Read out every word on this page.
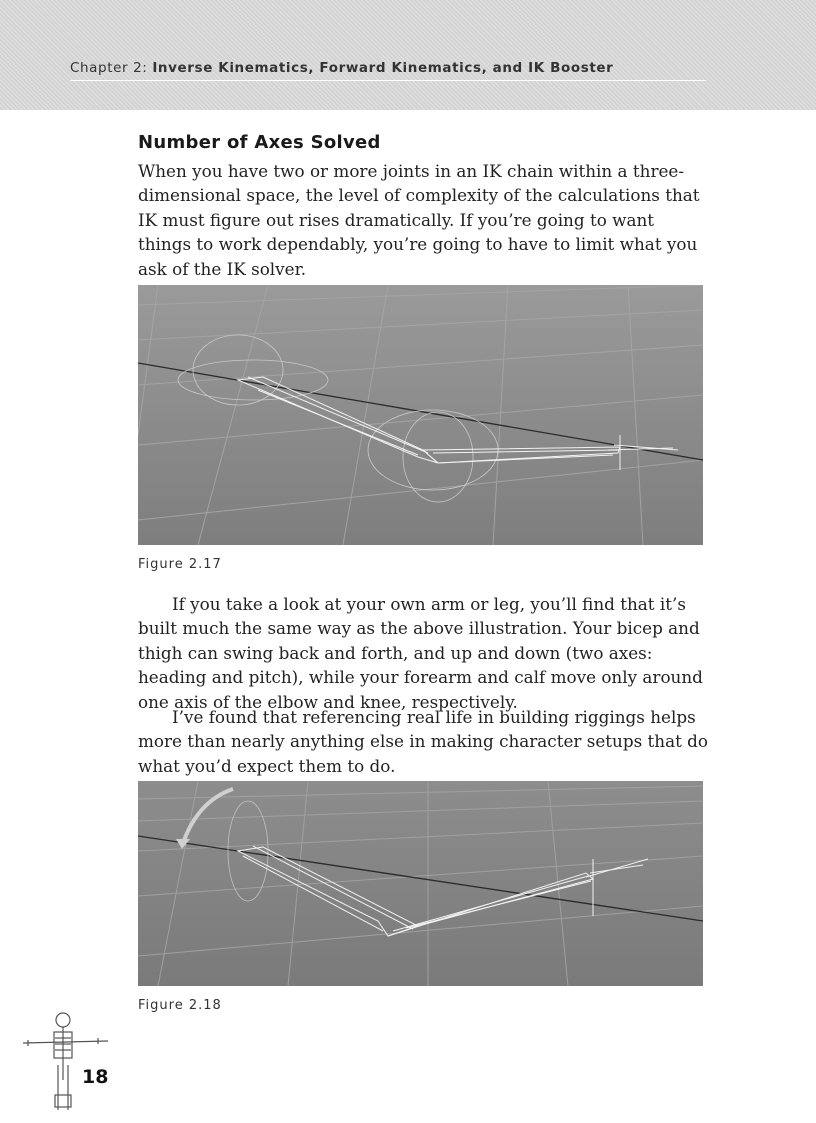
Chapter 2: Inverse Kinematics, Forward Kinematics, and IK Booster
Number of Axes Solved

When you have two or more joints in an IK chain within a three-dimensional space, the level of complexity of the calculations that IK must figure out rises dramatically. If you’re going to want things to work dependably, you’re going to have to limit what you ask of the IK solver.

Figure 2.17

If you take a look at your own arm or leg, you’ll find that it’s built much the same way as the above illustration. Your bicep and thigh can swing back and forth, and up and down (two axes: heading and pitch), while your forearm and calf move only around one axis of the elbow and knee, respectively.

I’ve found that referencing real life in building riggings helps more than nearly anything else in making character setups that do what you’d expect them to do.

Figure 2.18
18
